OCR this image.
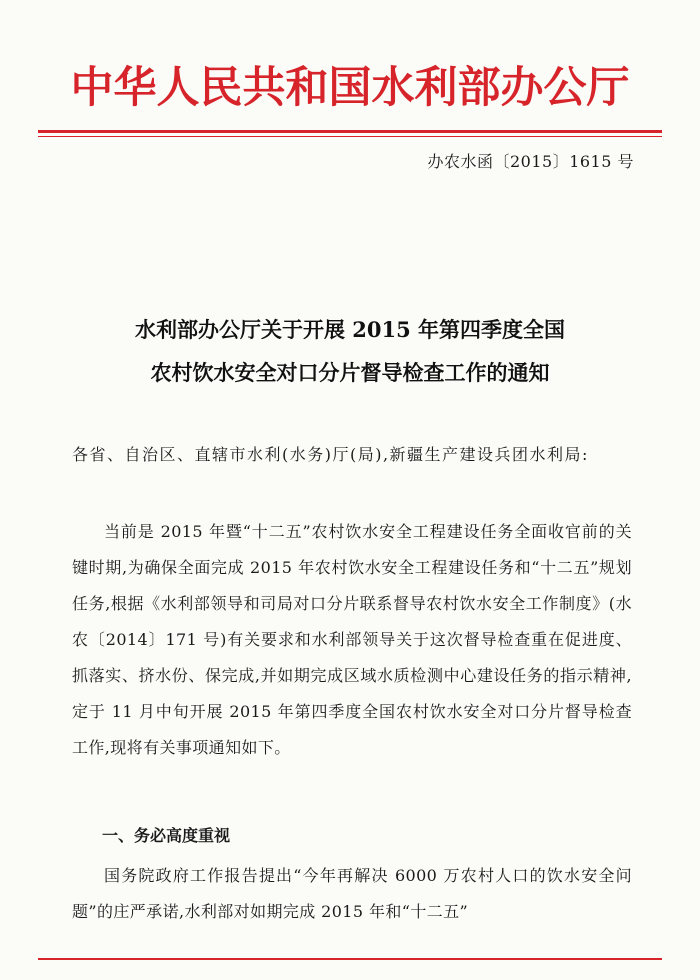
中华人民共和国水利部办公厅
办农水函〔2015〕1615 号
水利部办公厅关于开展 2015 年第四季度全国
农村饮水安全对口分片督导检查工作的通知
各省、自治区、直辖市水利(水务)厅(局),新疆生产建设兵团水利局:

当前是 2015 年暨“十二五”农村饮水安全工程建设任务全面收官前的关键时期,为确保全面完成 2015 年农村饮水安全工程建设任务和“十二五”规划任务,根据《水利部领导和司局对口分片联系督导农村饮水安全工作制度》(水农〔2014〕171 号)有关要求和水利部领导关于这次督导检查重在促进度、抓落实、挤水份、保完成,并如期完成区域水质检测中心建设任务的指示精神,定于 11 月中旬开展 2015 年第四季度全国农村饮水安全对口分片督导检查工作,现将有关事项通知如下。

一、务必高度重视

国务院政府工作报告提出“今年再解决 6000 万农村人口的饮水安全问题”的庄严承诺,水利部对如期完成 2015 年和“十二五”
